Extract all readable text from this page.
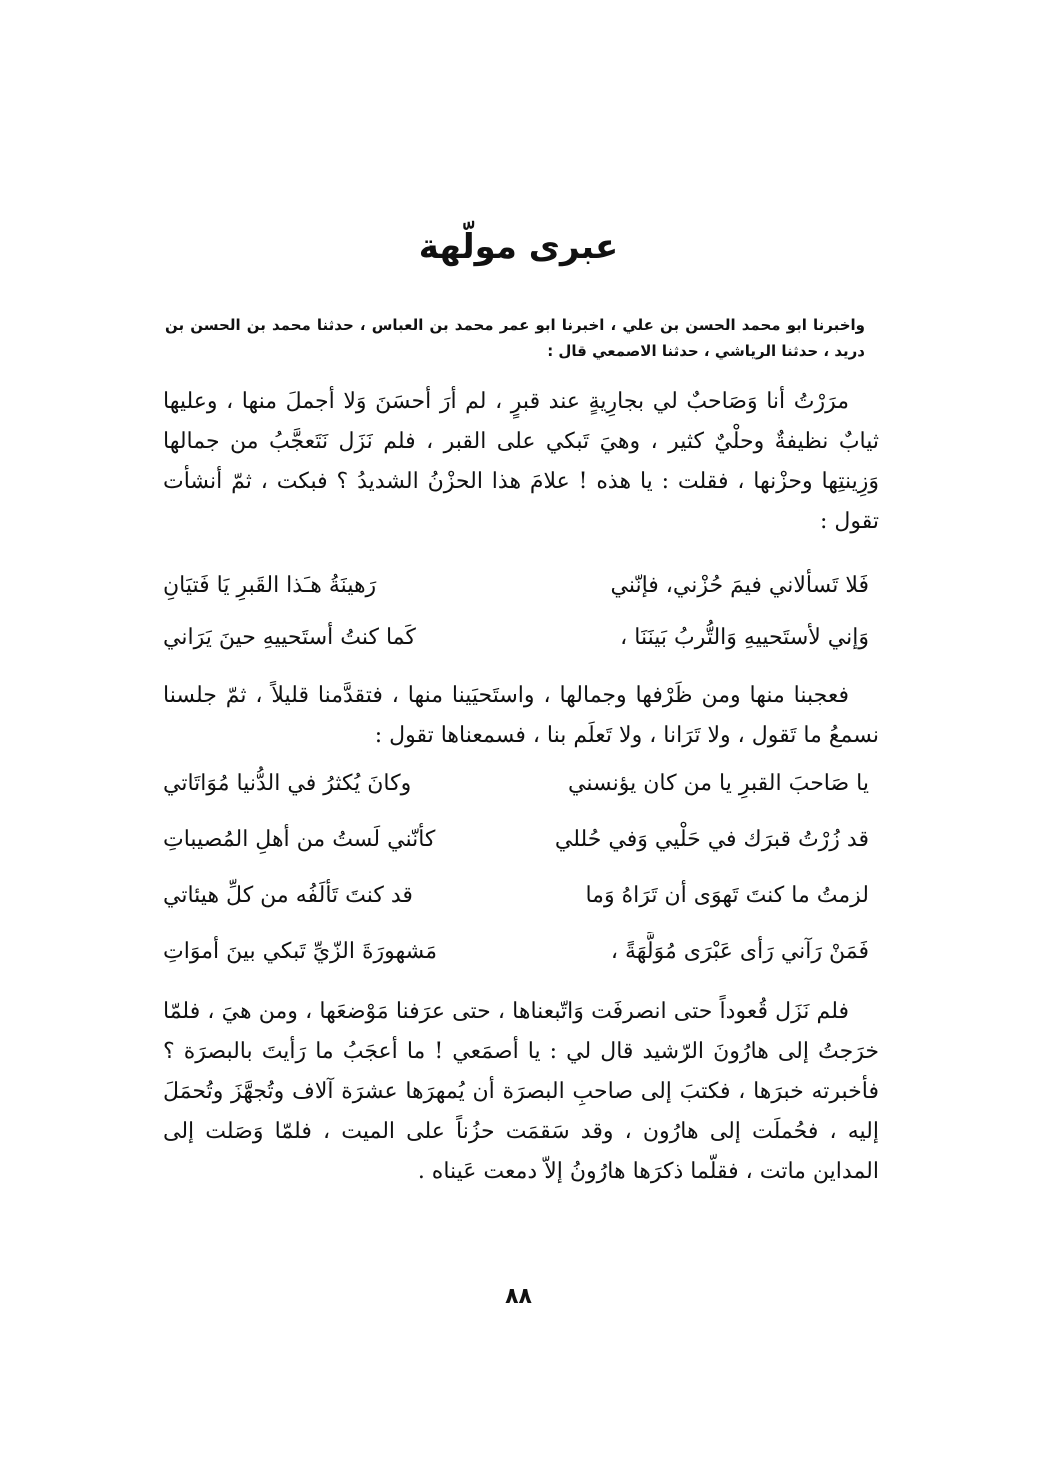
عبرى مولّهة
واخبرنا ابو محمد الحسن بن علي ، اخبرنا ابو عمر محمد بن العباس ، حدثنا محمد بن الحسن بن دريد ، حدثنا الرياشي ، حدثنا الاصمعي قال :
مرَرْتُ أنا وَصَاحبٌ لي بجارِيةٍ عند قبرٍ ، لم أرَ أحسَنَ وَلا أجملَ منها ، وعليها ثيابٌ نظيفةٌ وحلْيٌ كثير ، وهيَ تَبكي على القبر ، فلم نَزَل نَتَعجَّبُ من جمالها وَزِينتِها وحزْنها ، فقلت : يا هذه ! علامَ هذا الحزْنُ الشديدُ ؟ فبكت ، ثمّ أنشأت تقول :
فَلا تَسألاني فيمَ حُزْني، فإنّني
رَهينَةُ هـَذا القَبرِ يَا فَتيَانِ
وَإني لأستَحييهِ وَالتُّربُ بَينَنَا ،
كَما كنتُ أستَحييهِ حينَ يَرَاني
فعجبنا منها ومن ظَرْفها وجمالها ، واستَحيَينا منها ، فتقدَّمنا قليلاً ، ثمّ جلسنا نسمعُ ما تَقول ، ولا تَرَانا ، ولا تَعلَم بنا ، فسمعناها تقول :
يا صَاحبَ القبرِ يا من كان يؤنسني
وكانَ يُكثرُ في الدُّنيا مُوَاتَاتي
قد زُرْتُ قبرَك في حَلْيي وَفي حُللي
كأنّني لَستُ من أهلِ المُصيباتِ
لزمتُ ما كنتَ تَهوَى أن تَرَاهُ وَما
قد كنتَ تَألَفُه من كلِّ هيئاتي
فَمَنْ رَآني رَأى عَبْرَى مُوَلَّهَةً ،
مَشهورَةَ الزّيِّ تَبكي بينَ أموَاتِ
فلم نَزَل قُعوداً حتى انصرفَت وَاتّبعناها ، حتى عرَفنا مَوْضعَها ، ومن هيَ ، فلمّا خرَجتُ إلى هارُونَ الرّشيد قال لي : يا أصمَعي ! ما أعجَبُ ما رَأيتَ بالبصرَة ؟ فأخبرته خبرَها ، فكتبَ إلى صاحبِ البصرَة أن يُمهرَها عشرَة آلاف وتُجهَّزَ وتُحمَلَ إليه ، فحُملَت إلى هارُون ، وقد سَقمَت حزُناً على الميت ، فلمّا وَصَلت إلى المداين ماتت ، فقلّما ذكرَها هارُونُ إلاّ دمعت عَيناه .
٨٨
